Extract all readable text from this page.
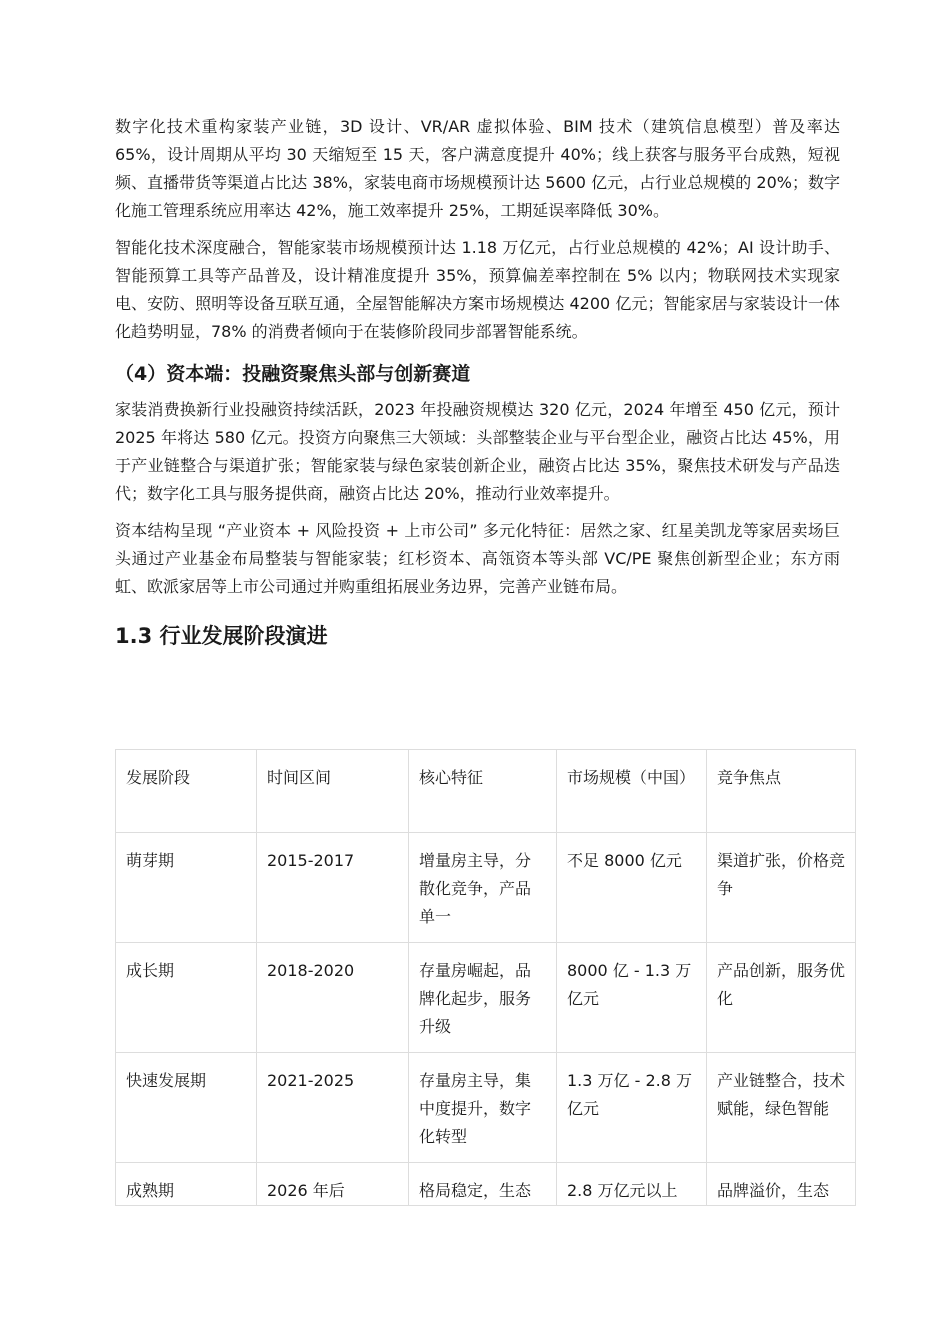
数字化技术重构家装产业链，3D 设计、VR/AR 虚拟体验、BIM 技术（建筑信息模型）普及率达 65%，设计周期从平均 30 天缩短至 15 天，客户满意度提升 40%；线上获客与服务平台成熟，短视频、直播带货等渠道占比达 38%，家装电商市场规模预计达 5600 亿元，占行业总规模的 20%；数字化施工管理系统应用率达 42%，施工效率提升 25%，工期延误率降低 30%。

智能化技术深度融合，智能家装市场规模预计达 1.18 万亿元，占行业总规模的 42%；AI 设计助手、智能预算工具等产品普及，设计精准度提升 35%，预算偏差率控制在 5% 以内；物联网技术实现家电、安防、照明等设备互联互通，全屋智能解决方案市场规模达 4200 亿元；智能家居与家装设计一体化趋势明显，78% 的消费者倾向于在装修阶段同步部署智能系统。

（4）资本端：投融资聚焦头部与创新赛道

家装消费换新行业投融资持续活跃，2023 年投融资规模达 320 亿元，2024 年增至 450 亿元，预计 2025 年将达 580 亿元。投资方向聚焦三大领域：头部整装企业与平台型企业，融资占比达 45%，用于产业链整合与渠道扩张；智能家装与绿色家装创新企业，融资占比达 35%，聚焦技术研发与产品迭代；数字化工具与服务提供商，融资占比达 20%，推动行业效率提升。

资本结构呈现 “产业资本 + 风险投资 + 上市公司” 多元化特征：居然之家、红星美凯龙等家居卖场巨头通过产业基金布局整装与智能家装；红杉资本、高瓴资本等头部 VC/PE 聚焦创新型企业；东方雨虹、欧派家居等上市公司通过并购重组拓展业务边界，完善产业链布局。

1.3 行业发展阶段演进
发展阶段	时间区间	核心特征	市场规模（中国）	竞争焦点
萌芽期	2015-2017	增量房主导，分散化竞争，产品单一	不足 8000 亿元	渠道扩张，价格竞争
成长期	2018-2020	存量房崛起，品牌化起步，服务升级	8000 亿 - 1.3 万亿元	产品创新，服务优化
快速发展期	2021-2025	存量房主导，集中度提升，数字化转型	1.3 万亿 - 2.8 万亿元	产业链整合，技术赋能，绿色智能
成熟期	2026 年后	格局稳定，生态	2.8 万亿元以上	品牌溢价，生态
